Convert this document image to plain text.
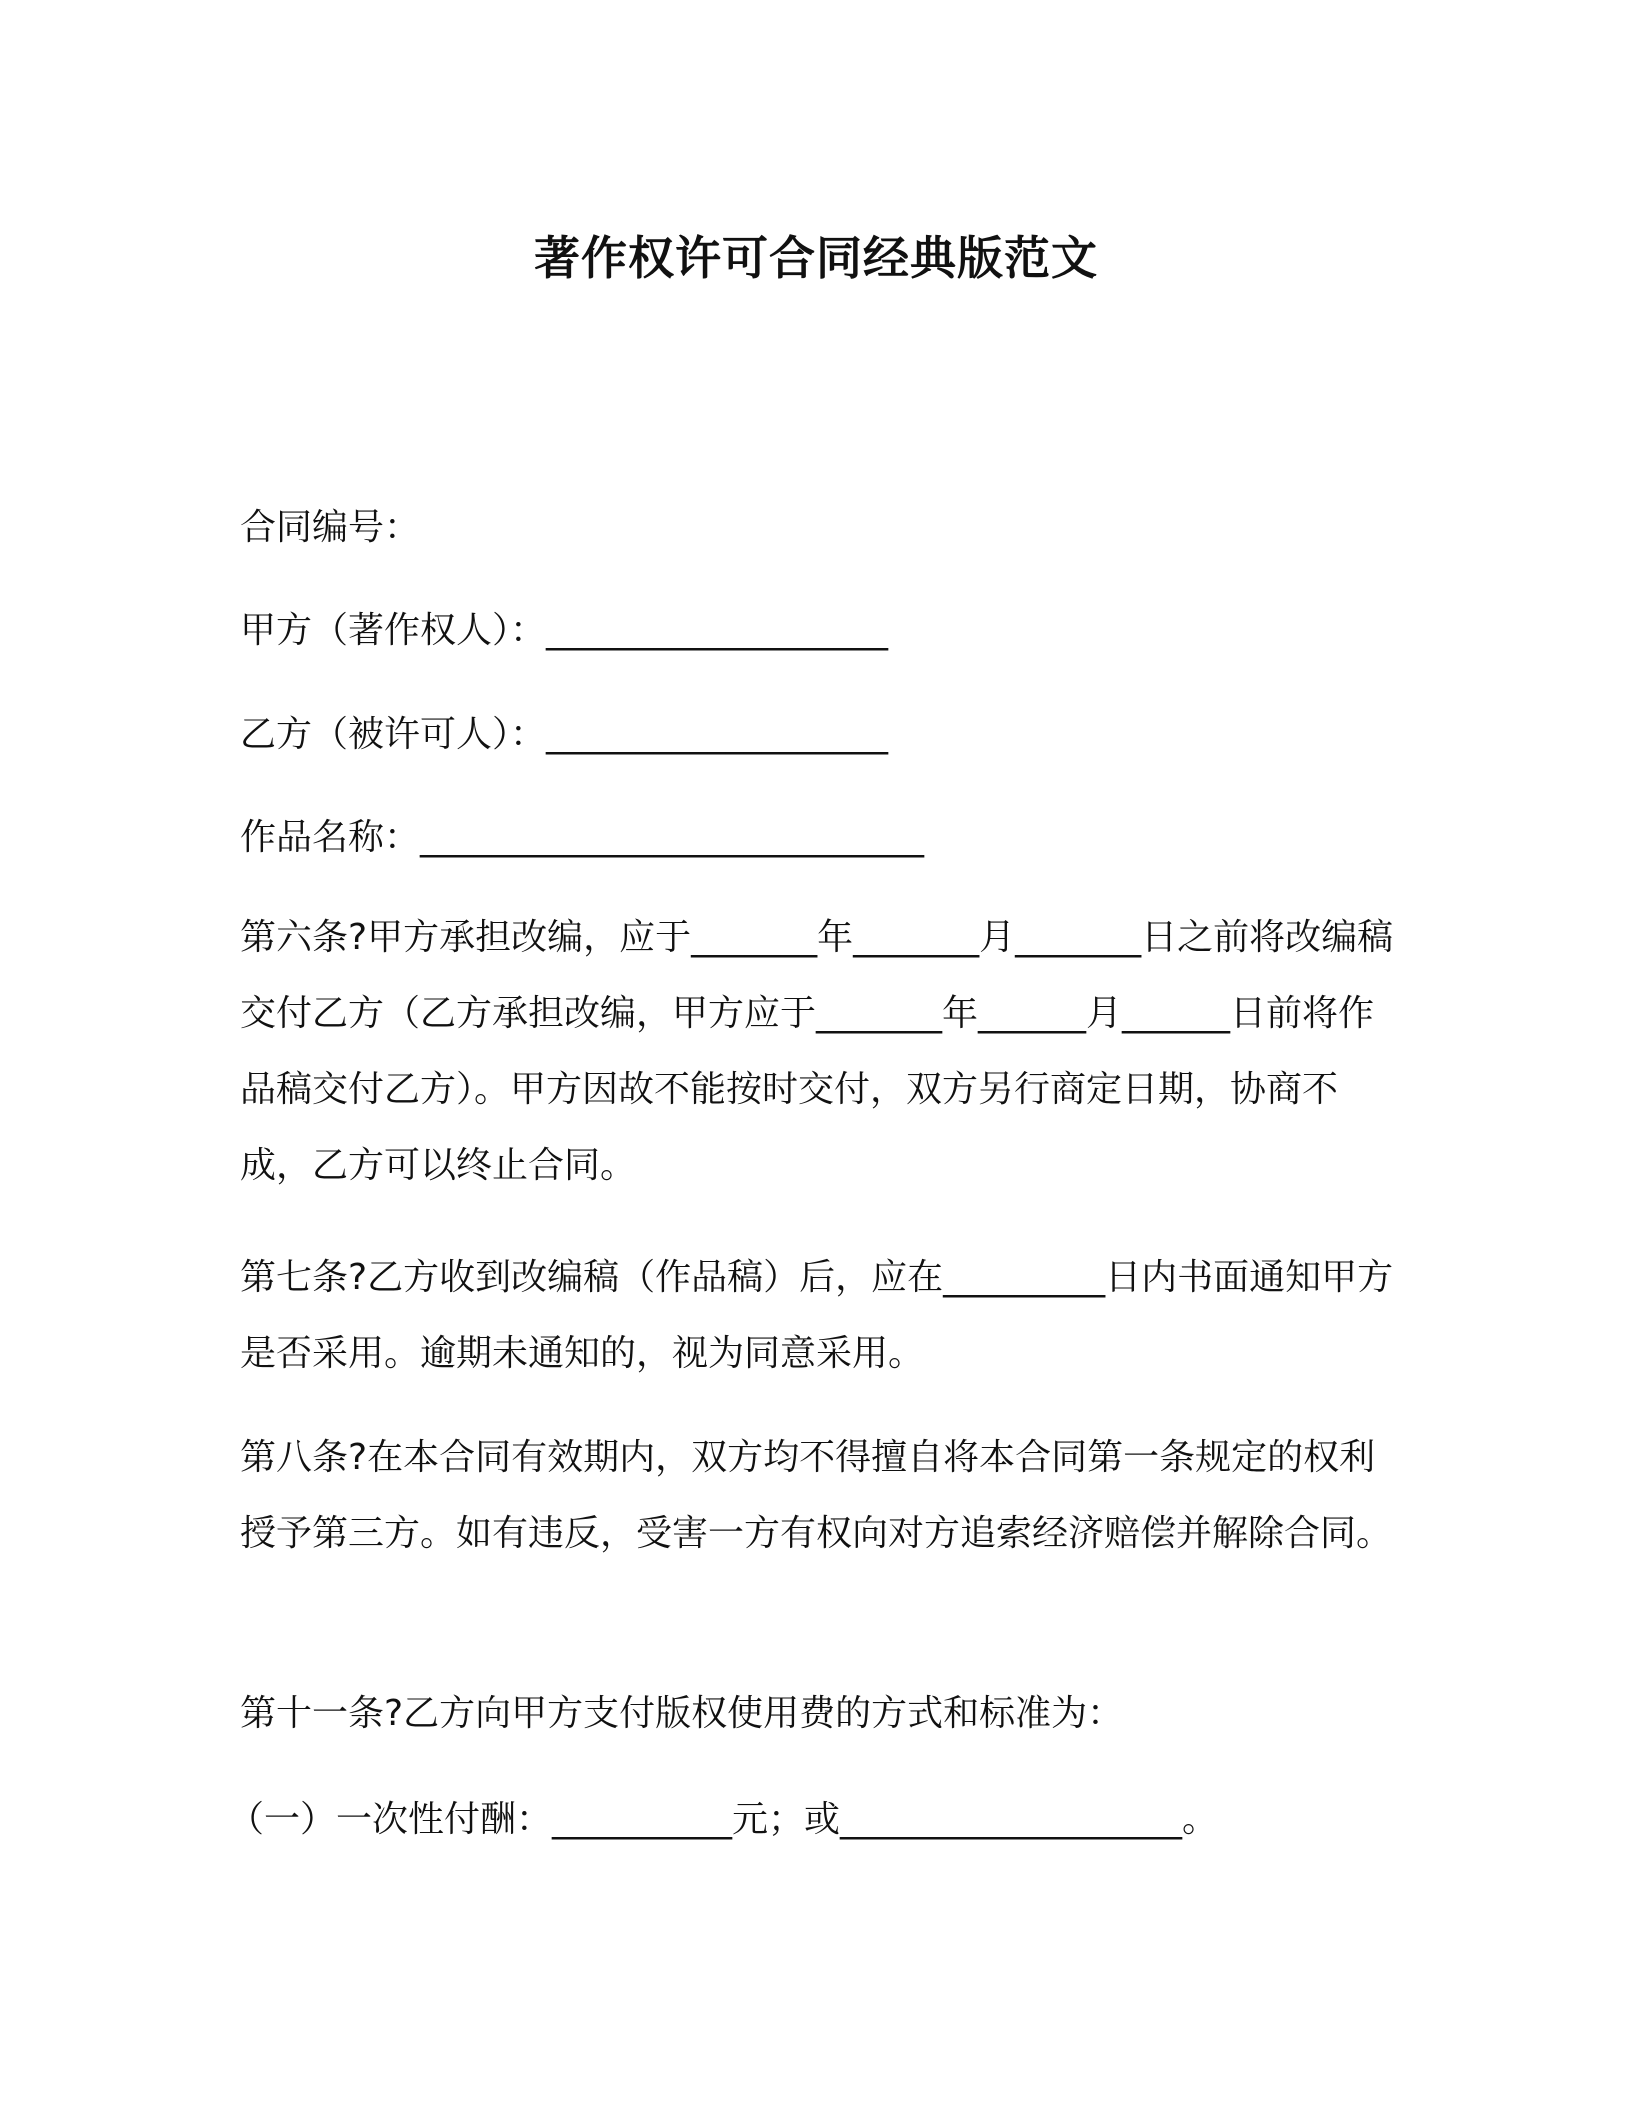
著作权许可合同经典版范文

合同编号：

甲方（著作权人）：___________________

乙方（被许可人）：___________________

作品名称：____________________________

第六条?甲方承担改编，应于_______年_______月_______日之前将改编稿交付乙方（乙方承担改编，甲方应于_______年______月______日前将作品稿交付乙方）。甲方因故不能按时交付，双方另行商定日期，协商不成，乙方可以终止合同。

第七条?乙方收到改编稿（作品稿）后，应在_________日内书面通知甲方是否采用。逾期未通知的，视为同意采用。

第八条?在本合同有效期内，双方均不得擅自将本合同第一条规定的权利授予第三方。如有违反，受害一方有权向对方追索经济赔偿并解除合同。

第十一条?乙方向甲方支付版权使用费的方式和标准为：

（一）一次性付酬：__________元；或___________________。
